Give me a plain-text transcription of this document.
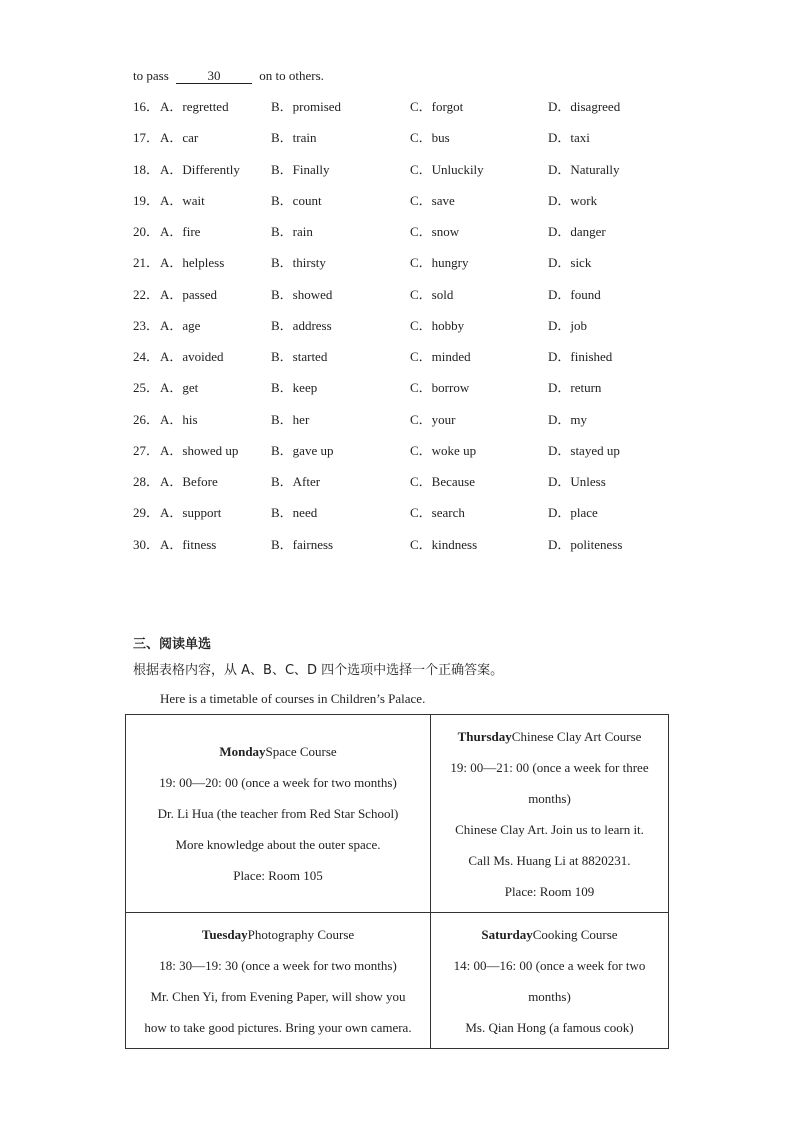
to pass	30	on to others.
16． A．regretted	B．promised	C．forgot	D．disagreed
17． A．car	B．train	C．bus	D．taxi
18． A．Differently B．Finally	C．Unluckily	D．Naturally
19． A．wait	B．count	C．save	D．work
20． A．fire	B．rain	C．snow	D．danger
21． A．helpless	B．thirsty	C．hungry	D．sick
22． A．passed	B．showed	C．sold	D．found
23． A．age	B．address	C．hobby	D．job
24． A．avoided	B．started	C．minded	D．finished
25． A．get	B．keep	C．borrow	D．return
26． A．his	B．her	C．your	D．my
27． A．showed up	B．gave up	C．woke up	D．stayed up
28． A．Before	B．After	C．Because	D．Unless
29． A．support	B．need	C．search	D．place
30． A．fitness	B．fairness	C．kindness	D．politeness
三、阅读单选
根据表格内容，从 A、B、C、D 四个选项中选择一个正确答案。
Here is a timetable of courses in Children’s Palace.
MondaySpace Course
19: 00—20: 00 (once a week for two months)
Dr. Li Hua (the teacher from Red Star School)
More knowledge about the outer space.
Place: Room 105
ThursdayChinese Clay Art Course
19: 00—21: 00 (once a week for three
months)
Chinese Clay Art. Join us to learn it.
Call Ms. Huang Li at 8820231.
Place: Room 109
TuesdayPhotography Course
18: 30—19: 30 (once a week for two months)
Mr. Chen Yi, from Evening Paper, will show you
how to take good pictures. Bring your own camera.
SaturdayCooking Course
14: 00—16: 00 (once a week for two
months)
Ms. Qian Hong (a famous cook)
